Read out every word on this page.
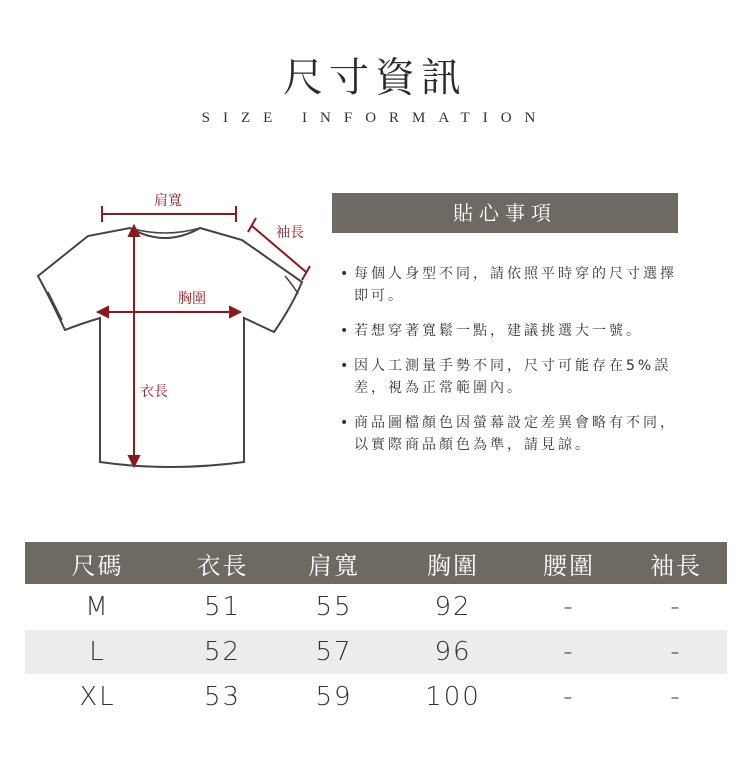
尺寸資訊
SIZE INFORMATION
肩寬
袖長
胸圍
衣長
貼心事項
• 每個人身型不同，請依照平時穿的尺寸選擇即可。
• 若想穿著寬鬆一點，建議挑選大一號。
• 因人工測量手勢不同，尺寸可能存在5%誤差，視為正常範圍內。
• 商品圖檔顏色因螢幕設定差異會略有不同，以實際商品顏色為準，請見諒。
尺碼	衣長	肩寬	胸圍	腰圍	袖長
M	51	55	92	-	-
L	52	57	96	-	-
XL	53	59	100	-	-
